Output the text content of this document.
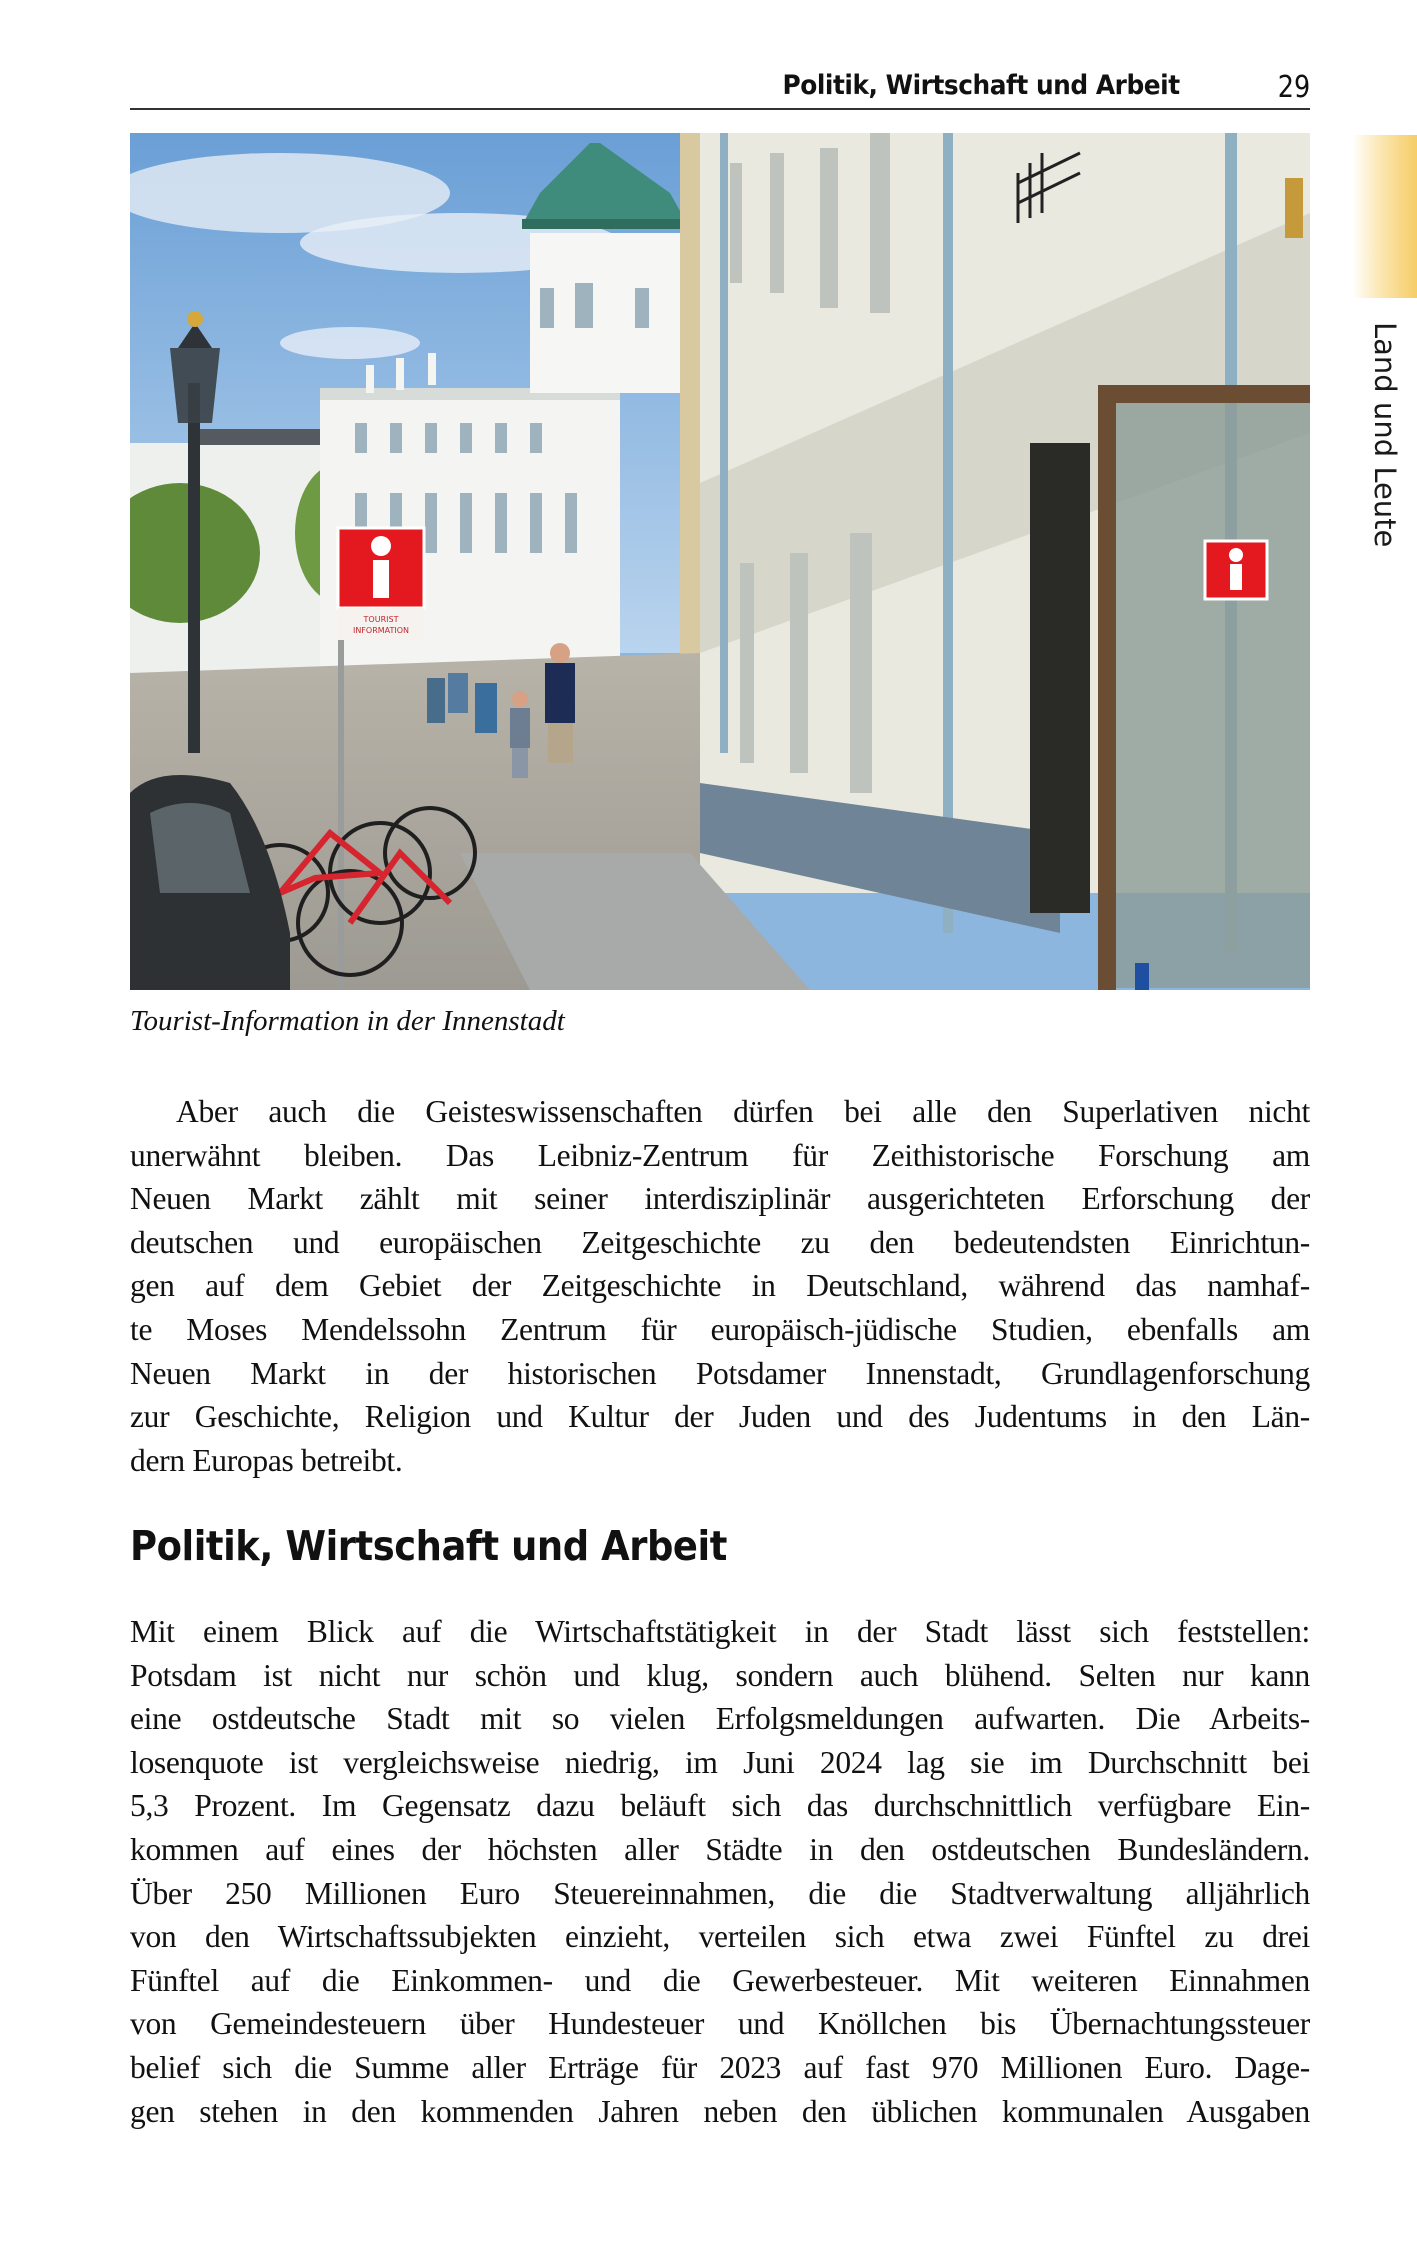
Politik, Wirtschaft und Arbeit	29
Land und Leute
TOURIST
INFORMATION
Tourist-Information in der Innenstadt
Aber auch die Geisteswissenschaften dürfen bei alle den Superlativen nicht
unerwähnt bleiben. Das Leibniz-Zentrum für Zeithistorische Forschung am
Neuen Markt zählt mit seiner interdisziplinär ausgerichteten Erforschung der
deutschen und europäischen Zeitgeschichte zu den bedeutendsten Einrichtun-
gen auf dem Gebiet der Zeitgeschichte in Deutschland, während das namhaf-
te Moses Mendelssohn Zentrum für europäisch-jüdische Studien, ebenfalls am
Neuen Markt in der historischen Potsdamer Innenstadt, Grundlagenforschung
zur Geschichte, Religion und Kultur der Juden und des Judentums in den Län-
dern Europas betreibt.
Politik, Wirtschaft und Arbeit
Mit einem Blick auf die Wirtschaftstätigkeit in der Stadt lässt sich feststellen:
Potsdam ist nicht nur schön und klug, sondern auch blühend. Selten nur kann
eine ostdeutsche Stadt mit so vielen Erfolgsmeldungen aufwarten. Die Arbeits-
losenquote ist vergleichsweise niedrig, im Juni 2024 lag sie im Durchschnitt bei
5,3 Prozent. Im Gegensatz dazu beläuft sich das durchschnittlich verfügbare Ein-
kommen auf eines der höchsten aller Städte in den ostdeutschen Bundesländern.
Über 250 Millionen Euro Steuereinnahmen, die die Stadtverwaltung alljährlich
von den Wirtschaftssubjekten einzieht, verteilen sich etwa zwei Fünftel zu drei
Fünftel auf die Einkommen- und die Gewerbesteuer. Mit weiteren Einnahmen
von Gemeindesteuern über Hundesteuer und Knöllchen bis Übernachtungssteuer
belief sich die Summe aller Erträge für 2023 auf fast 970 Millionen Euro. Dage-
gen stehen in den kommenden Jahren neben den üblichen kommunalen Ausgaben
